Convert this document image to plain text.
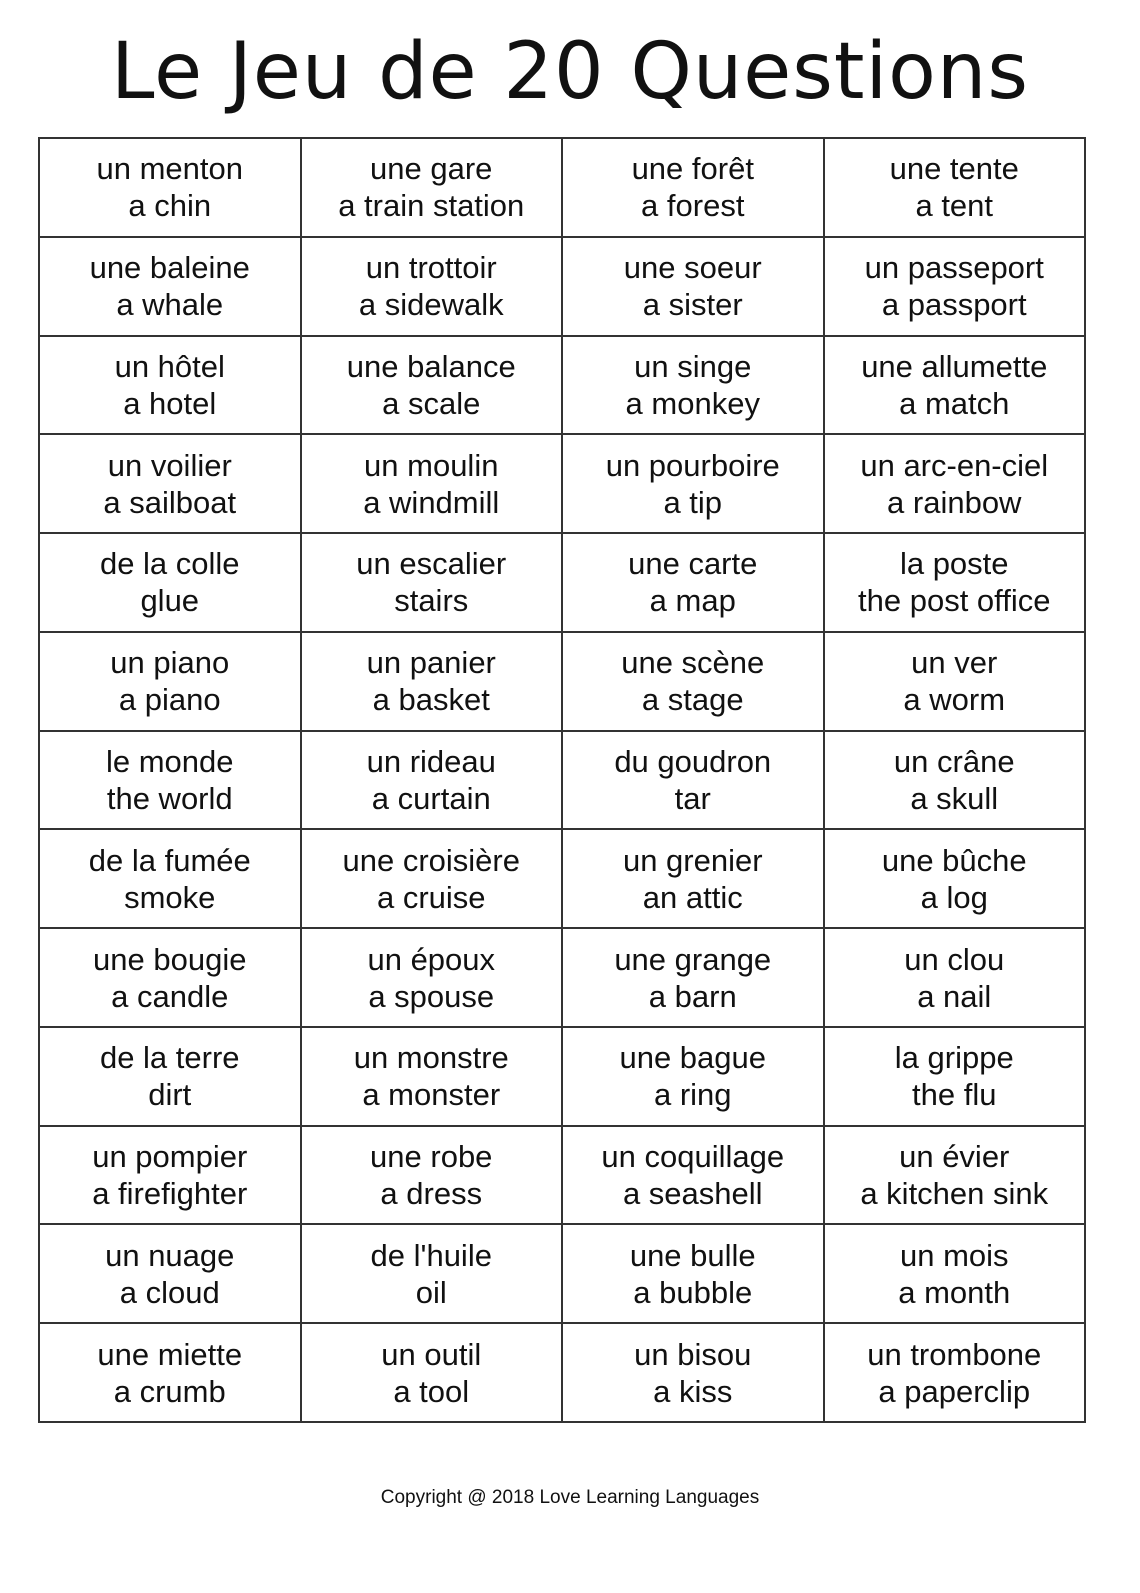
Le Jeu de 20 Questions
un menton
a chin	une gare
a train station	une forêt
a forest	une tente
a tent

une baleine
a whale	un trottoir
a sidewalk	une soeur
a sister	un passeport
a passport

un hôtel
a hotel	une balance
a scale	un singe
a monkey	une allumette
a match

un voilier
a sailboat	un moulin
a windmill	un pourboire
a tip	un arc-en-ciel
a rainbow

de la colle
glue	un escalier
stairs	une carte
a map	la poste
the post office

un piano
a piano	un panier
a basket	une scène
a stage	un ver
a worm

le monde
the world	un rideau
a curtain	du goudron
tar	un crâne
a skull

de la fumée
smoke	une croisière
a cruise	un grenier
an attic	une bûche
a log

une bougie
a candle	un époux
a spouse	une grange
a barn	un clou
a nail

de la terre
dirt	un monstre
a monster	une bague
a ring	la grippe
the flu

un pompier
a firefighter	une robe
a dress	un coquillage
a seashell	un évier
a kitchen sink

un nuage
a cloud	de l'huile
oil	une bulle
a bubble	un mois
a month

une miette
a crumb	un outil
a tool	un bisou
a kiss	un trombone
a paperclip
Copyright @ 2018 Love Learning Languages
